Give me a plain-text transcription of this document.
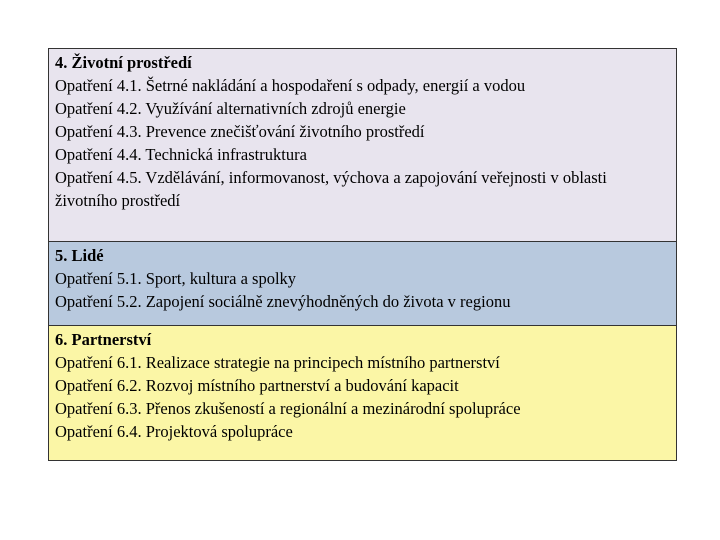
4. Životní prostředí
Opatření 4.1. Šetrné nakládání a hospodaření s odpady, energií a vodou
Opatření 4.2. Využívání alternativních zdrojů energie
Opatření 4.3. Prevence znečišťování životního prostředí
Opatření 4.4. Technická infrastruktura
Opatření 4.5. Vzdělávání, informovanost, výchova a zapojování veřejnosti v oblasti životního prostředí
5. Lidé
Opatření 5.1. Sport, kultura a spolky
Opatření 5.2. Zapojení sociálně znevýhodněných do života v regionu
6. Partnerství
Opatření 6.1. Realizace strategie na principech místního partnerství
Opatření 6.2. Rozvoj místního partnerství a budování kapacit
Opatření 6.3. Přenos zkušeností a regionální a mezinárodní spolupráce
Opatření 6.4. Projektová spolupráce
